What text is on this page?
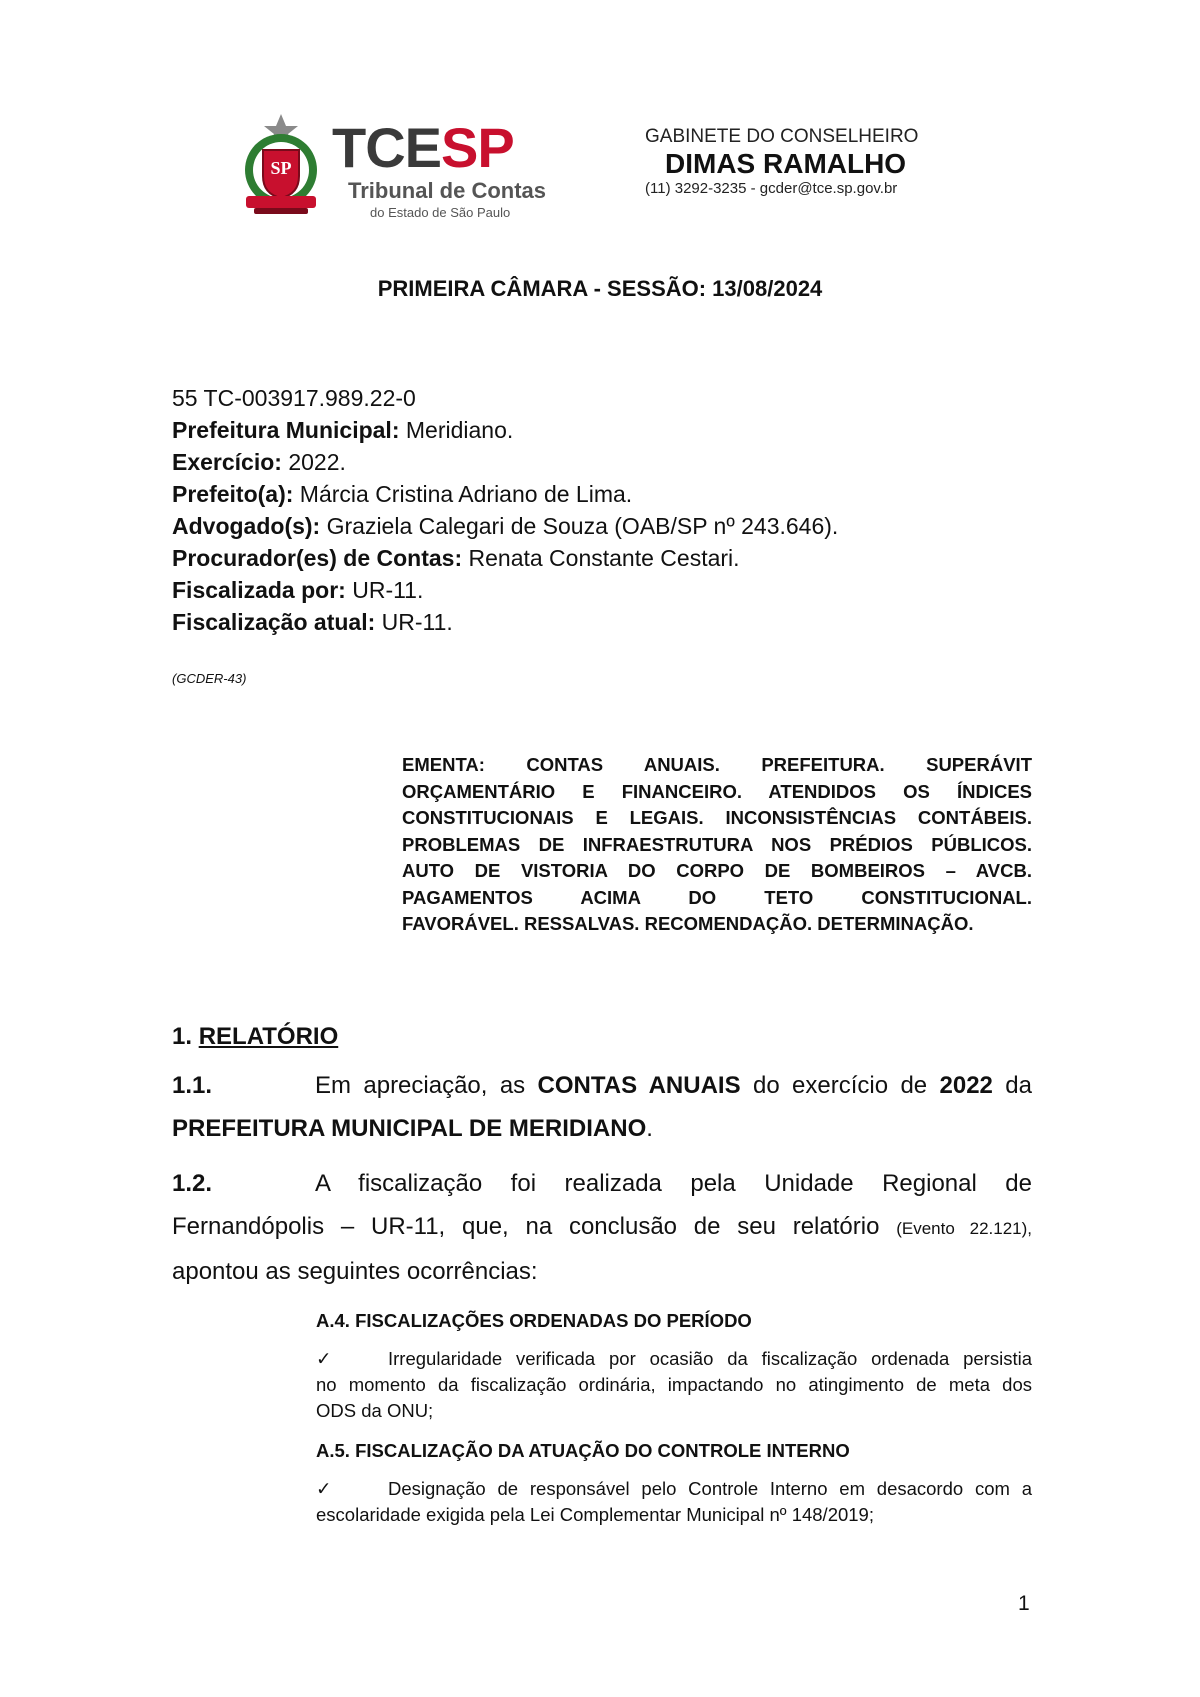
SP TCESP
Tribunal de Contas
do Estado de São Paulo
GABINETE DO CONSELHEIRO
DIMAS RAMALHO
(11) 3292-3235 - gcder@tce.sp.gov.br
PRIMEIRA CÂMARA - SESSÃO: 13/08/2024
55 TC-003917.989.22-0
Prefeitura Municipal: Meridiano.
Exercício: 2022.
Prefeito(a): Márcia Cristina Adriano de Lima.
Advogado(s): Graziela Calegari de Souza (OAB/SP nº 243.646).
Procurador(es) de Contas: Renata Constante Cestari.
Fiscalizada por: UR-11.
Fiscalização atual: UR-11.
(GCDER-43)
EMENTA: CONTAS ANUAIS. PREFEITURA. SUPERÁVIT
ORÇAMENTÁRIO E FINANCEIRO. ATENDIDOS OS ÍNDICES
CONSTITUCIONAIS E LEGAIS. INCONSISTÊNCIAS CONTÁBEIS.
PROBLEMAS DE INFRAESTRUTURA NOS PRÉDIOS PÚBLICOS.
AUTO DE VISTORIA DO CORPO DE BOMBEIROS – AVCB.
PAGAMENTOS ACIMA DO TETO CONSTITUCIONAL.
FAVORÁVEL. RESSALVAS. RECOMENDAÇÃO. DETERMINAÇÃO.
1. RELATÓRIO
1.1.	Em apreciação, as CONTAS ANUAIS do exercício de 2022 da
PREFEITURA MUNICIPAL DE MERIDIANO.
1.2.	A fiscalização foi realizada pela Unidade Regional de
Fernandópolis – UR-11, que, na conclusão de seu relatório (Evento 22.121),
apontou as seguintes ocorrências:
A.4. FISCALIZAÇÕES ORDENADAS DO PERÍODO
✓	Irregularidade verificada por ocasião da fiscalização ordenada persistia
no momento da fiscalização ordinária, impactando no atingimento de meta dos
ODS da ONU;
A.5. FISCALIZAÇÃO DA ATUAÇÃO DO CONTROLE INTERNO
✓	Designação de responsável pelo Controle Interno em desacordo com a
escolaridade exigida pela Lei Complementar Municipal nº 148/2019;
1
